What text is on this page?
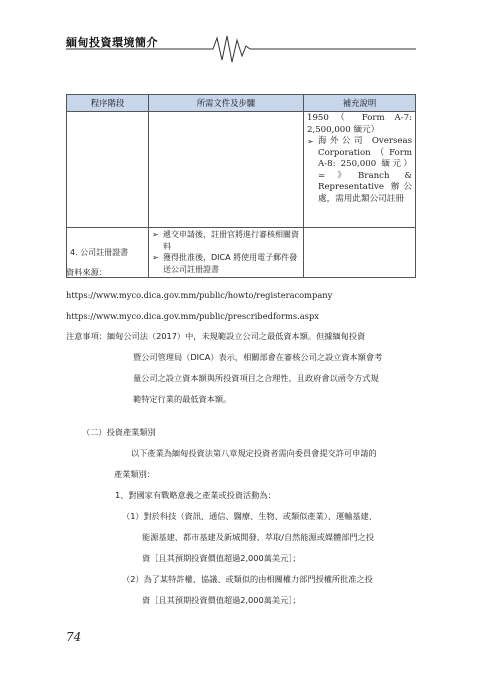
緬甸投資環境簡介
程序階段	所需文件及步驟	補充說明

		1950（ Form A-7: 2,500,000 緬元）
➢ 海外公司 Overseas Corporation（Form A-8: 250,000 緬元）=》Branch & Representative 辦公處，需用此類公司註冊

4. 公司註冊證書	➢ 遞交申請後，註冊官將進行審核相關資料
➢ 獲得批准後，DICA 將使用電子郵件發送公司註冊證書	

資料來源：
https://www.myco.dica.gov.mm/public/howto/registeracompany
https://www.myco.dica.gov.mm/public/prescribedforms.aspx
注意事項：緬甸公司法（2017）中，未規範設立公司之最低資本額。但據緬甸投資
暨公司管理局（DICA）表示，相關部會在審核公司之設立資本額會考
量公司之設立資本額與所投資項目之合理性，且政府會以函令方式規
範特定行業的最低資本額。
（二）投資產業類別
以下產業為緬甸投資法第八章規定投資者需向委員會提交許可申請的
產業類別：
1、對國家有戰略意義之產業或投資活動為：
（1）對於科技（資訊、通信、醫療、生物、或類似產業）、運輸基建、
能源基建、都市基建及新城開發、萃取/自然能源或媒體部門之投
資［且其預期投資價值超過2,000萬美元］；
（2）為了某特許權、協議、或類似的由相關權力部門授權所批准之投
資［且其預期投資價值超過2,000萬美元］；
74
